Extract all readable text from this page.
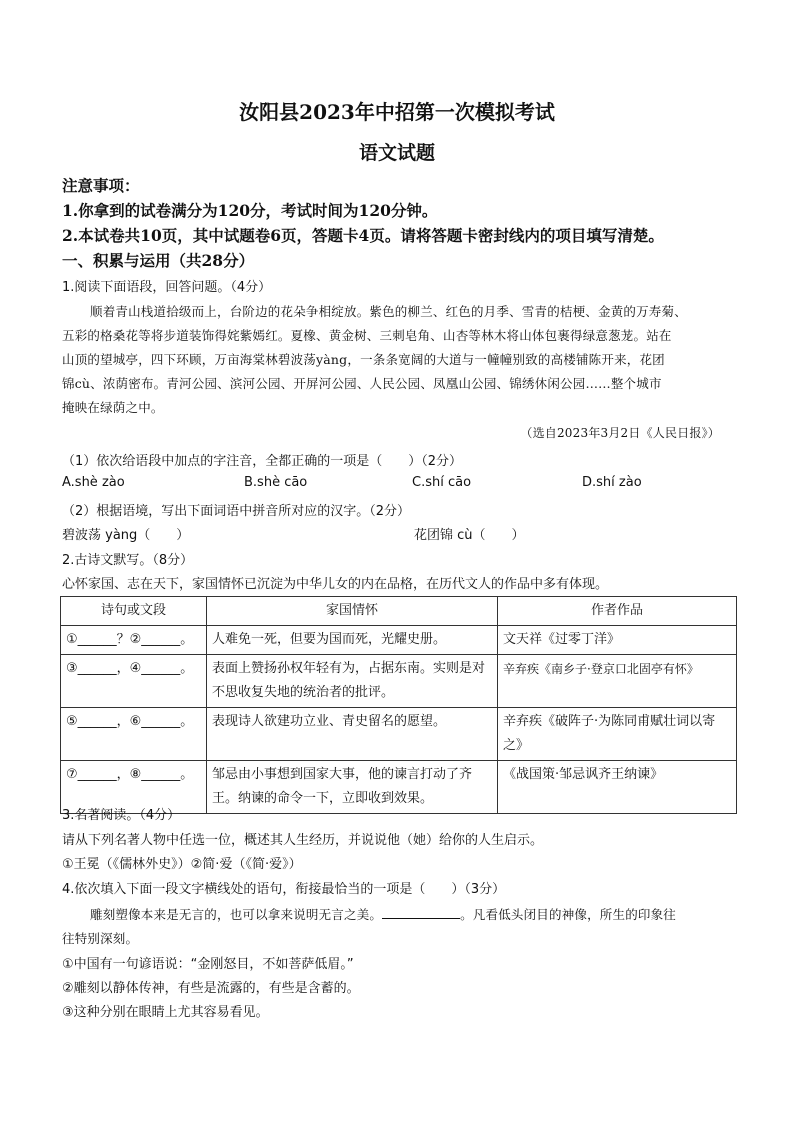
汝阳县2023年中招第一次模拟考试
语文试题
注意事项：
1.你拿到的试卷满分为120分，考试时间为120分钟。
2.本试卷共10页，其中试题卷6页，答题卡4页。请将答题卡密封线内的项目填写清楚。
一、积累与运用（共28分）
1.阅读下面语段，回答问题。（4分）
顺着青山栈道拾级而上，台阶边的花朵争相绽放。紫色的柳兰、红色的月季、雪青的桔梗、金黄的万寿菊、
五彩的格桑花等将步道装饰得姹紫嫣红。夏橡、黄金树、三刺皂角、山杏等林木将山体包裹得绿意葱茏。站在
山顶的望城亭，四下环顾，万亩海棠林碧波荡yàng，一条条宽阔的大道与一幢幢别致的高楼铺陈开来，花团
锦cù、浓荫密布。青河公园、滨河公园、开屏河公园、人民公园、凤凰山公园、锦绣休闲公园……整个城市
掩映在绿荫之中。
（选自2023年3月2日《人民日报》）
（1）依次给语段中加点的字注音，全都正确的一项是（　　）（2分）
A.shè zào	B.shè cāo	C.shí cāo	D.shí zào
（2）根据语境，写出下面词语中拼音所对应的汉字。（2分）
碧波荡 yàng（　　）	花团锦 cù（　　）
2.古诗文默写。（8分）
心怀家国、志在天下，家国情怀已沉淀为中华儿女的内在品格，在历代文人的作品中多有体现。
诗句或文段	家国情怀	作者作品
①______？②______。	人难免一死，但要为国而死，光耀史册。	文天祥《过零丁洋》
③______，④______。	表面上赞扬孙权年轻有为，占据东南。实则是对不思收复失地的统治者的批评。	辛弃疾《南乡子·登京口北固亭有怀》
⑤______，⑥______。	表现诗人欲建功立业、青史留名的愿望。	辛弃疾《破阵子·为陈同甫赋壮词以寄之》
⑦______，⑧______。	邹忌由小事想到国家大事，他的谏言打动了齐王。纳谏的命令一下，立即收到效果。	《战国策·邹忌讽齐王纳谏》
3.名著阅读。（4分）
请从下列名著人物中任选一位，概述其人生经历，并说说他（她）给你的人生启示。
①王冕（《儒林外史》）②简·爱（《简·爱》）
4.依次填入下面一段文字横线处的语句，衔接最恰当的一项是（　　）（3分）
雕刻塑像本来是无言的，也可以拿来说明无言之美。	。凡看低头闭目的神像，所生的印象往
往特别深刻。
①中国有一句谚语说：“金刚怒目，不如菩萨低眉。”
②雕刻以静体传神，有些是流露的，有些是含蓄的。
③这种分别在眼睛上尤其容易看见。
